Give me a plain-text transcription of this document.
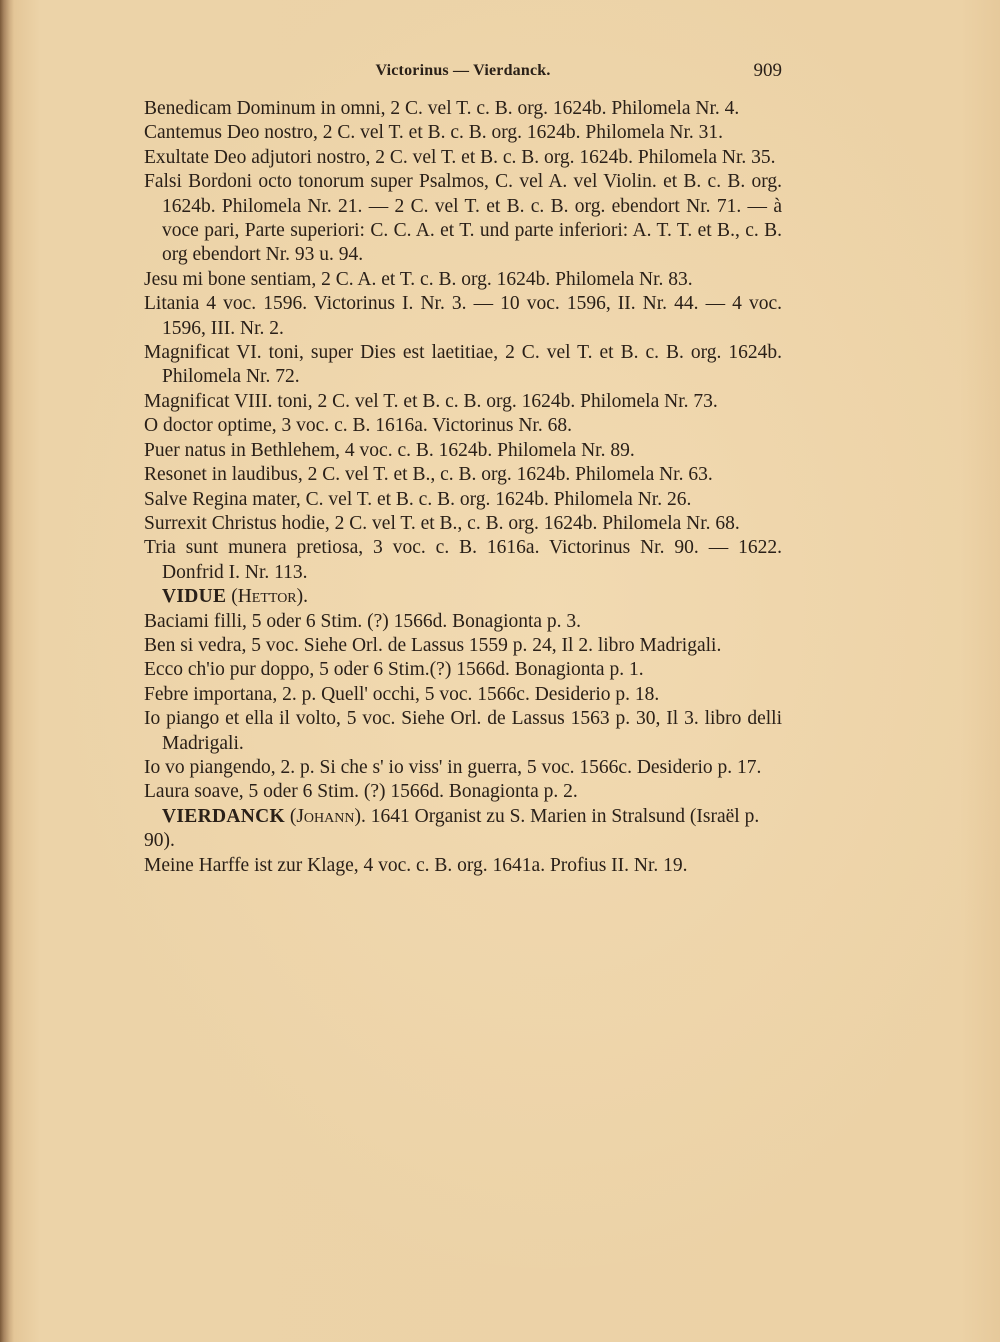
Victorinus — Vierdanck.	909
Benedicam Dominum in omni, 2 C. vel T. c. B. org. 1624b. Philomela Nr. 4.
Cantemus Deo nostro, 2 C. vel T. et B. c. B. org. 1624b. Philomela Nr. 31.
Exultate Deo adjutori nostro, 2 C. vel T. et B. c. B. org. 1624b. Philomela Nr. 35.
Falsi Bordoni octo tonorum super Psalmos, C. vel A. vel Violin. et B. c. B. org. 1624b. Philomela Nr. 21. — 2 C. vel T. et B. c. B. org. ebendort Nr. 71. — à voce pari, Parte superiori: C. C. A. et T. und parte inferiori: A. T. T. et B., c. B. org ebendort Nr. 93 u. 94.
Jesu mi bone sentiam, 2 C. A. et T. c. B. org. 1624b. Philomela Nr. 83.
Litania 4 voc. 1596. Victorinus I. Nr. 3. — 10 voc. 1596, II. Nr. 44. — 4 voc. 1596, III. Nr. 2.
Magnificat VI. toni, super Dies est laetitiae, 2 C. vel T. et B. c. B. org. 1624b. Philomela Nr. 72.
Magnificat VIII. toni, 2 C. vel T. et B. c. B. org. 1624b. Philomela Nr. 73.
O doctor optime, 3 voc. c. B. 1616a. Victorinus Nr. 68.
Puer natus in Bethlehem, 4 voc. c. B. 1624b. Philomela Nr. 89.
Resonet in laudibus, 2 C. vel T. et B., c. B. org. 1624b. Philomela Nr. 63.
Salve Regina mater, C. vel T. et B. c. B. org. 1624b. Philomela Nr. 26.
Surrexit Christus hodie, 2 C. vel T. et B., c. B. org. 1624b. Philomela Nr. 68.
Tria sunt munera pretiosa, 3 voc. c. B. 1616a. Victorinus Nr. 90. — 1622. Donfrid I. Nr. 113.
VIDUE (Hettor).
Baciami filli, 5 oder 6 Stim. (?) 1566d. Bonagionta p. 3.
Ben si vedra, 5 voc. Siehe Orl. de Lassus 1559 p. 24, Il 2. libro Madrigali.
Ecco ch'io pur doppo, 5 oder 6 Stim.(?) 1566d. Bonagionta p. 1.
Febre importana, 2. p. Quell' occhi, 5 voc. 1566c. Desiderio p. 18.
Io piango et ella il volto, 5 voc. Siehe Orl. de Lassus 1563 p. 30, Il 3. libro delli Madrigali.
Io vo piangendo, 2. p. Si che s' io viss' in guerra, 5 voc. 1566c. Desiderio p. 17.
Laura soave, 5 oder 6 Stim. (?) 1566d. Bonagionta p. 2.
VIERDANCK (Johann). 1641 Organist zu S. Marien in Stralsund (Israël p. 90).
Meine Harffe ist zur Klage, 4 voc. c. B. org. 1641a. Profius II. Nr. 19.
